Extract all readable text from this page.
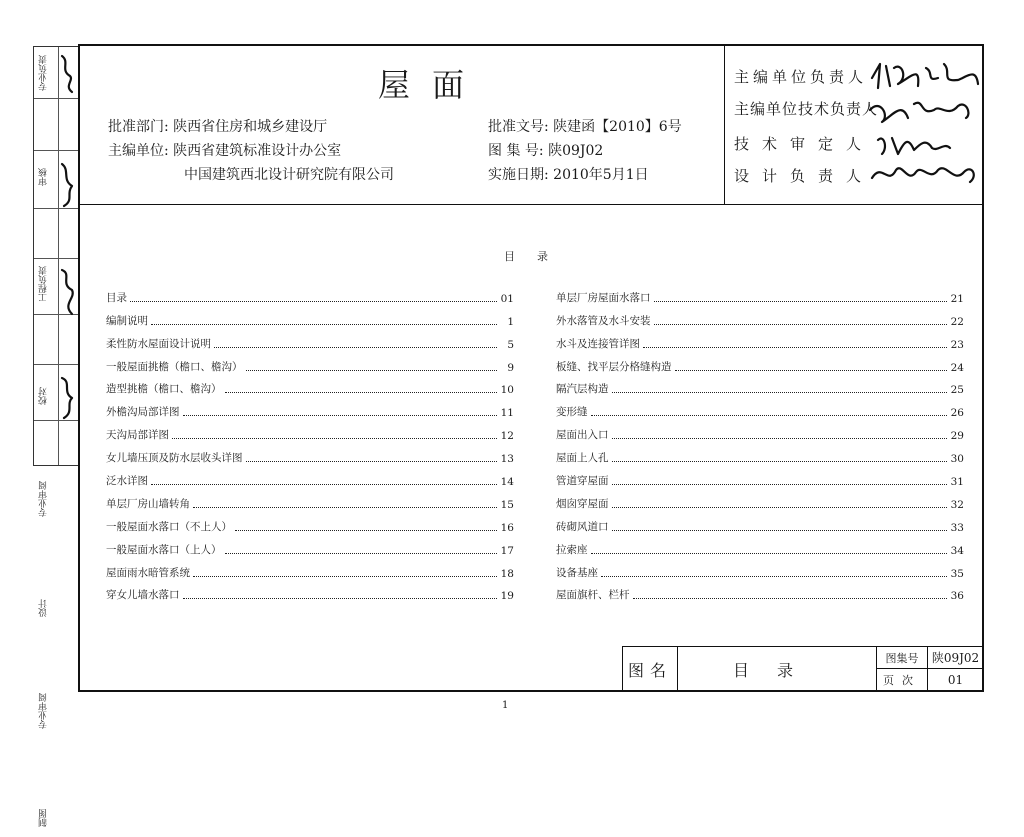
专业负责
审核
工程负责
校对
专业审阅
设计
专业审阅
制图
屋面
批准部门: 陕西省住房和城乡建设厅
主编单位: 陕西省建筑标准设计办公室
中国建筑西北设计研究院有限公司
批准文号: 陕建函【2010】6号
图 集 号: 陕09J02
实施日期: 2010年5月1日
主编单位负责人
主编单位技术负责人
技术审定人
设计负责人
目录
目录	01
编制说明	1
柔性防水屋面设计说明	5
一般屋面挑檐（檐口、檐沟）	9
造型挑檐（檐口、檐沟）	10
外檐沟局部详图	11
天沟局部详图	12
女儿墙压顶及防水层收头详图	13
泛水详图	14
单层厂房山墙转角	15
一般屋面水落口（不上人）	16
一般屋面水落口（上人）	17
屋面雨水暗管系统	18
穿女儿墙水落口	19
单层厂房屋面水落口	21
外水落管及水斗安装	22
水斗及连接管详图	23
板缝、找平层分格缝构造	24
隔汽层构造	25
变形缝	26
屋面出入口	29
屋面上人孔	30
管道穿屋面	31
烟囱穿屋面	32
砖砌风道口	33
拉索座	34
设备基座	35
屋面旗杆、栏杆	36
图名	目录
图集号 陕09J02
页次 01
1
